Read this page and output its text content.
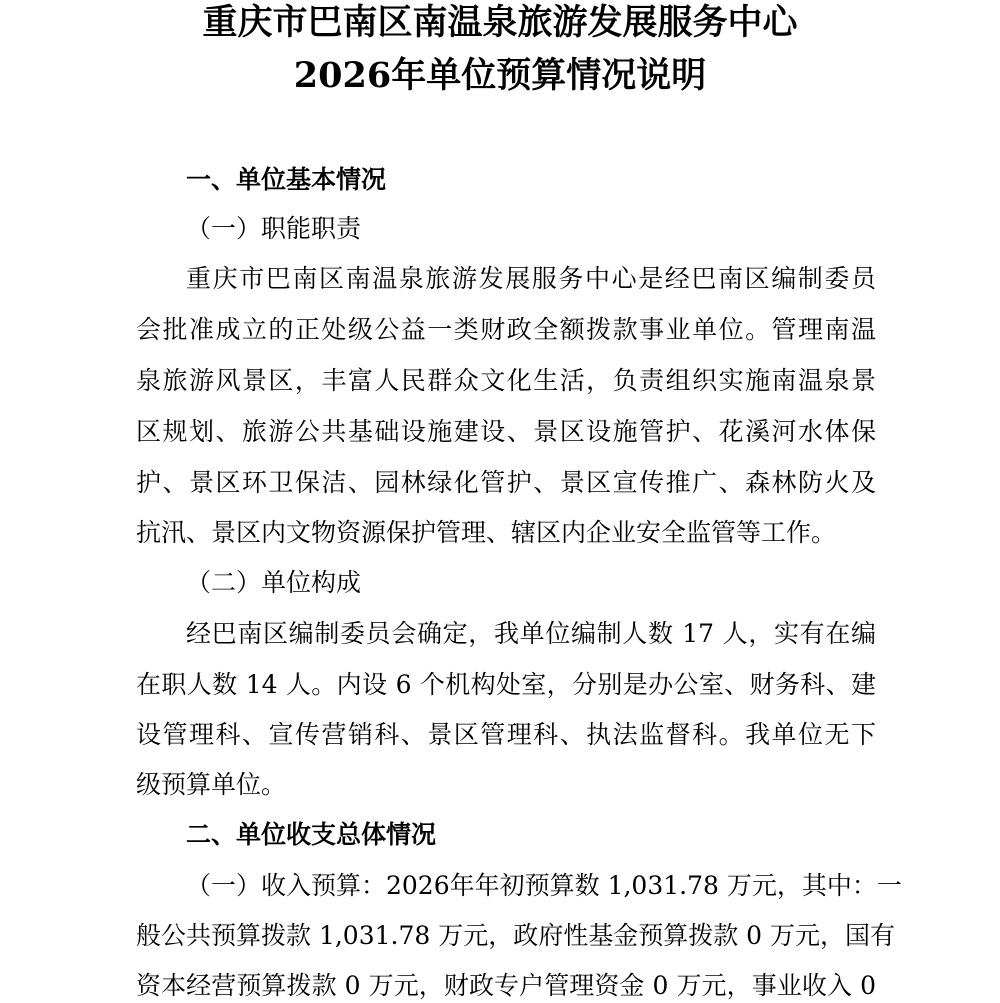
重庆市巴南区南温泉旅游发展服务中心
2026年单位预算情况说明
一、单位基本情况
（一）职能职责
重庆市巴南区南温泉旅游发展服务中心是经巴南区编制委员
会批准成立的正处级公益一类财政全额拨款事业单位。管理南温
泉旅游风景区，丰富人民群众文化生活，负责组织实施南温泉景
区规划、旅游公共基础设施建设、景区设施管护、花溪河水体保
护、景区环卫保洁、园林绿化管护、景区宣传推广、森林防火及
抗汛、景区内文物资源保护管理、辖区内企业安全监管等工作。
（二）单位构成
经巴南区编制委员会确定，我单位编制人数 17 人，实有在编
在职人数 14 人。内设 6 个机构处室，分别是办公室、财务科、建
设管理科、宣传营销科、景区管理科、执法监督科。我单位无下
级预算单位。
二、单位收支总体情况
（一）收入预算：2026年年初预算数 1,031.78 万元，其中：一
般公共预算拨款 1,031.78 万元，政府性基金预算拨款 0 万元，国有
资本经营预算拨款 0 万元，财政专户管理资金 0 万元，事业收入 0
